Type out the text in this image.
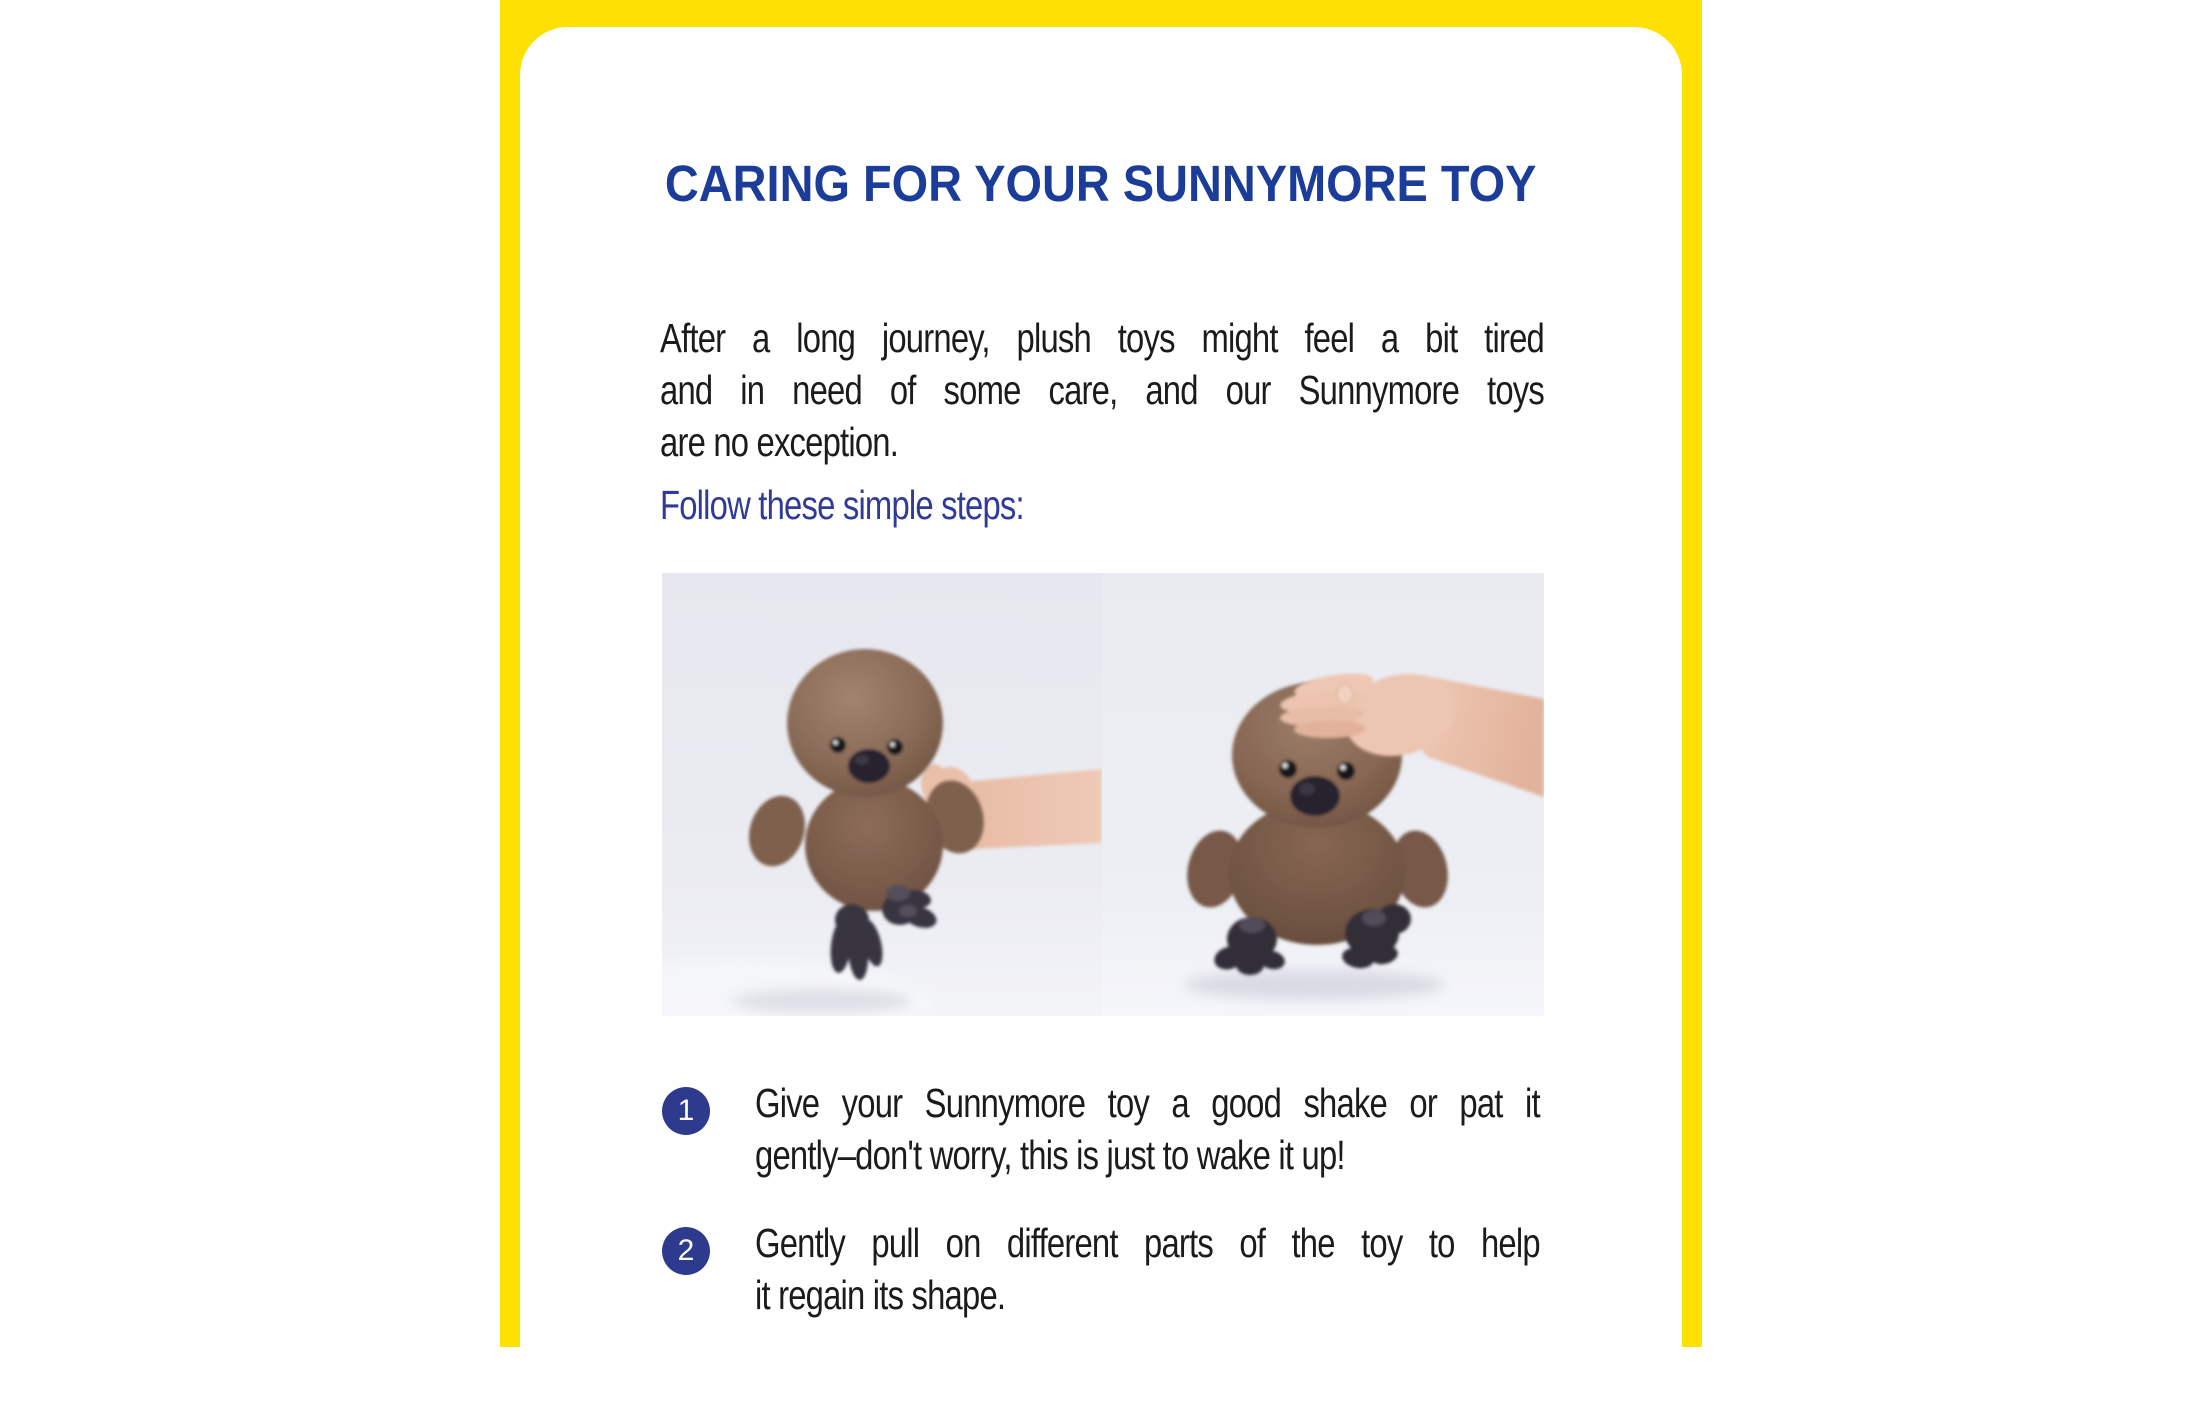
CARING FOR YOUR SUNNYMORE TOY
After a long journey, plush toys might feel a bit tired
and in need of some care, and our Sunnymore toys
are no exception.
Follow these simple steps:
1	Give your Sunnymore toy a good shake or pat it
gently–don't worry, this is just to wake it up!
2	Gently pull on different parts of the toy to help
it regain its shape.
